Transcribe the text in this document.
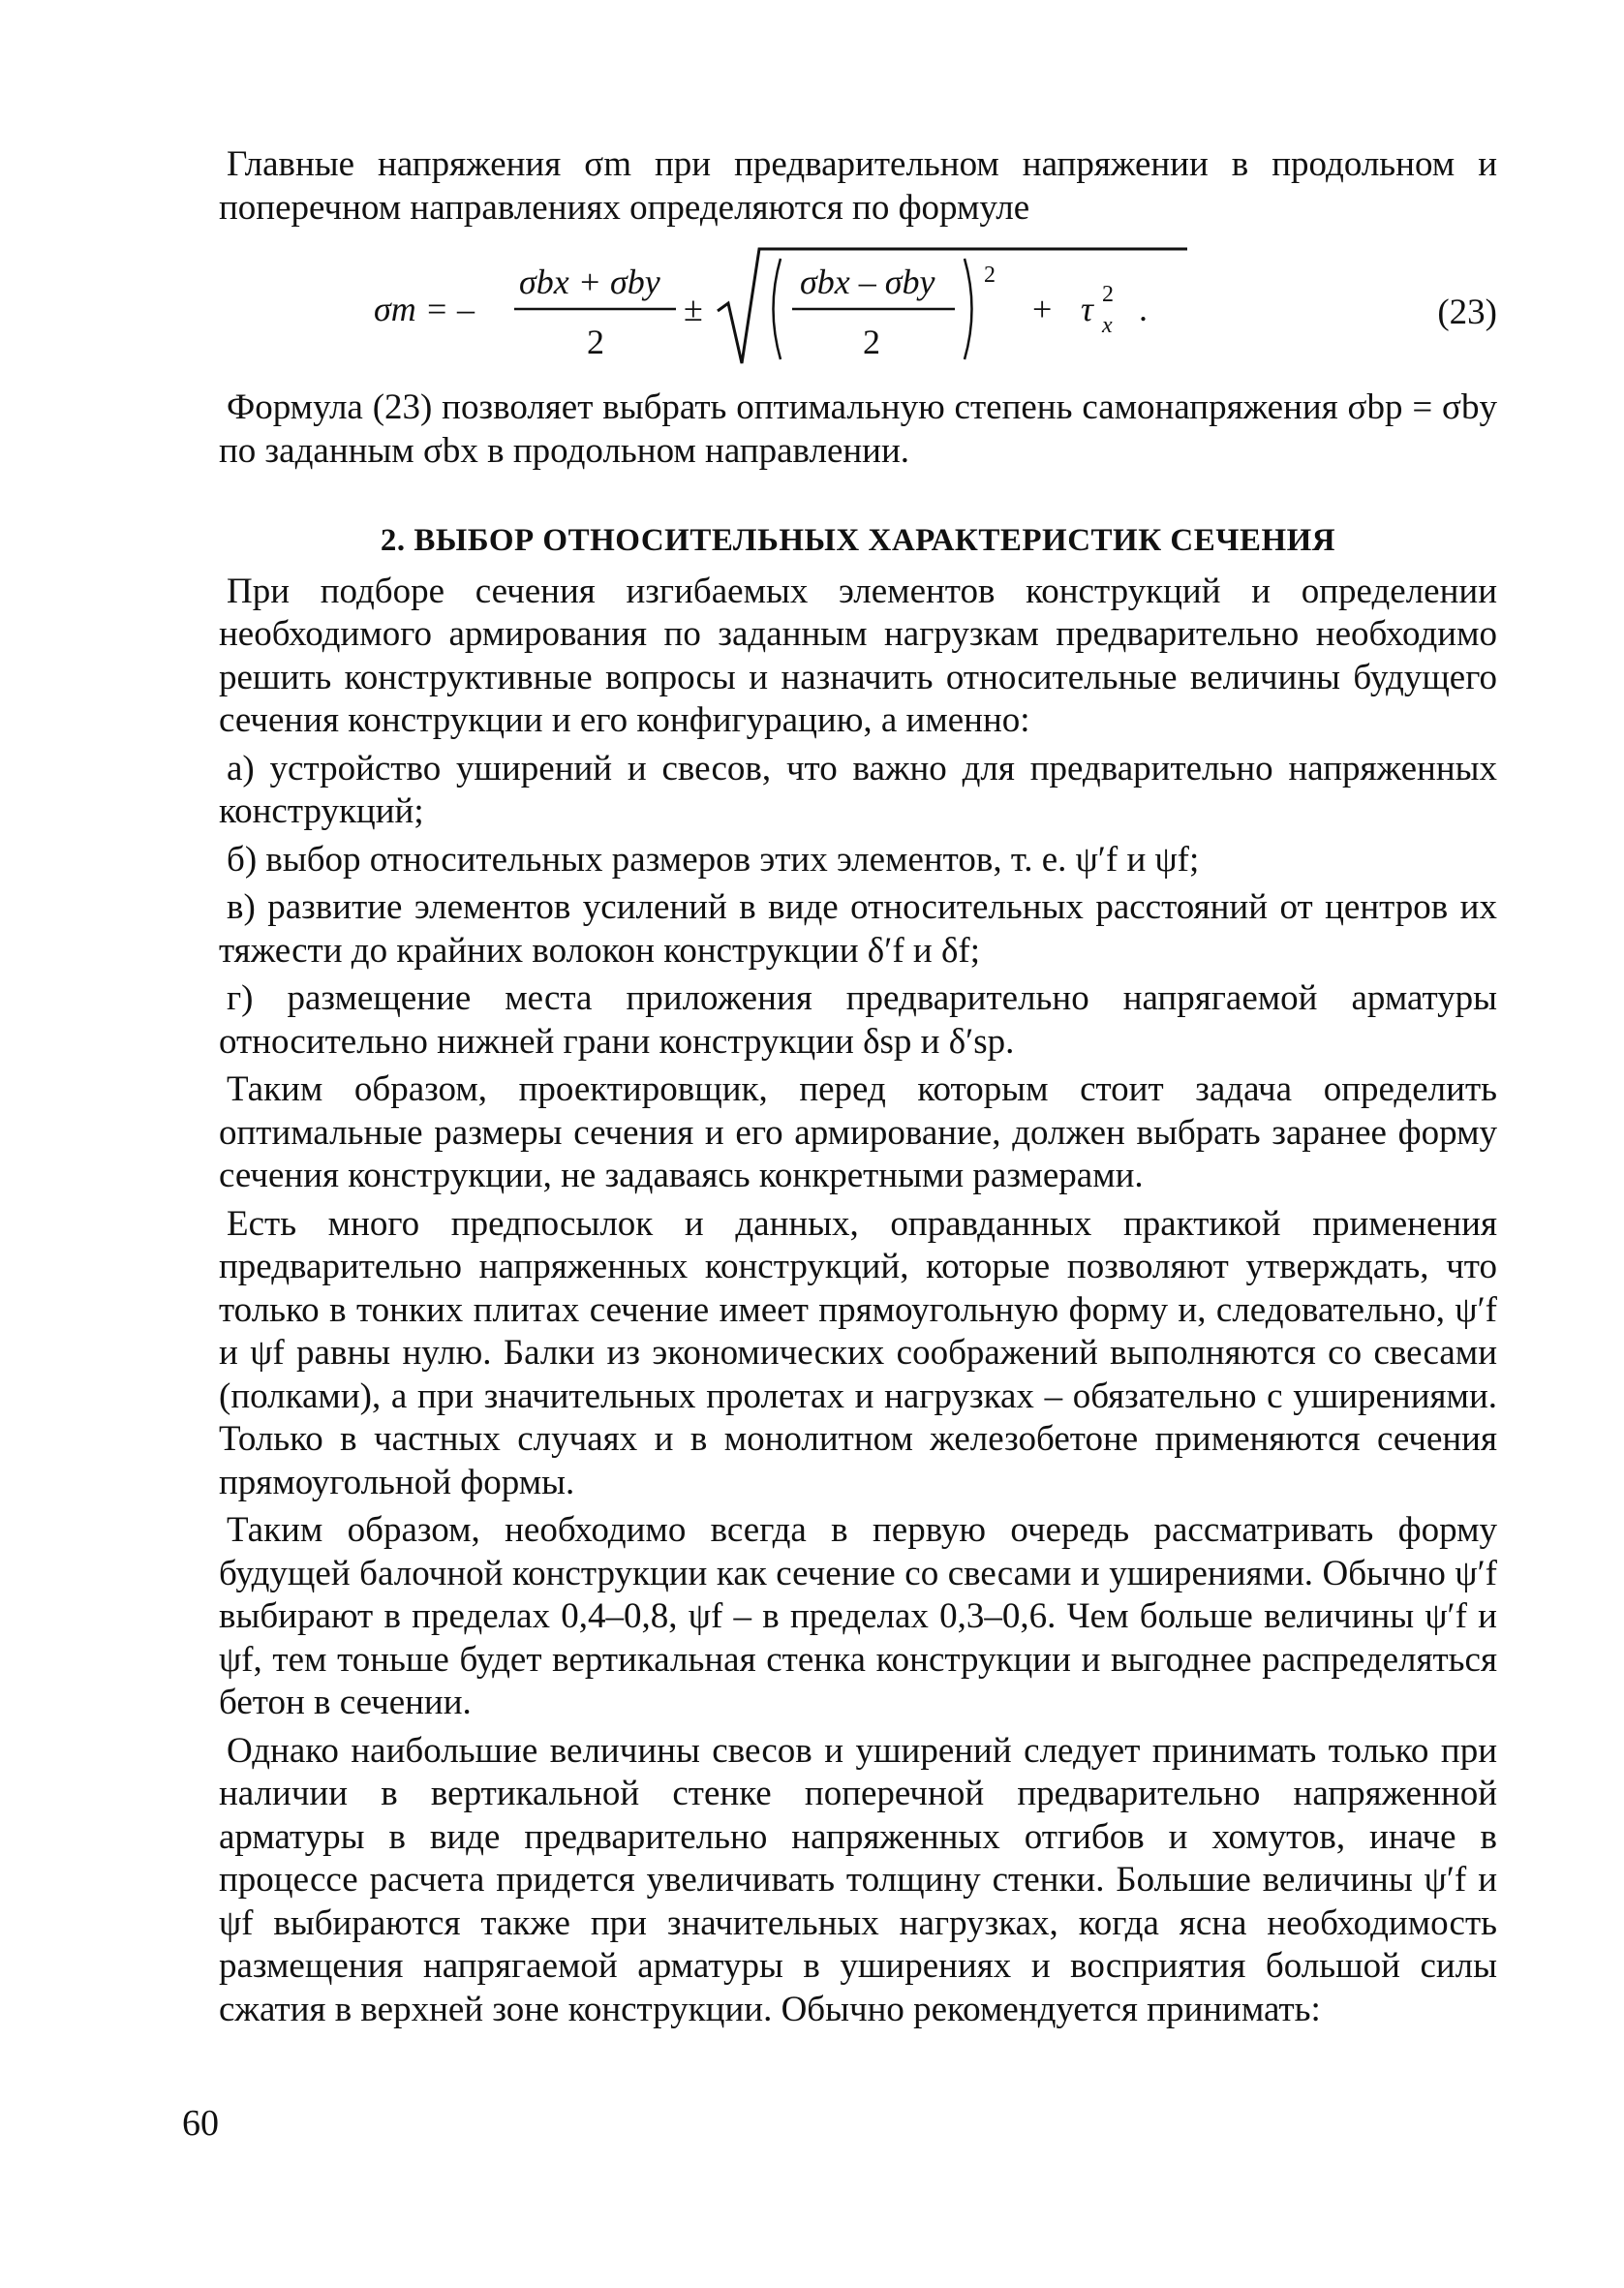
Главные напряжения σm при предварительном напряжении в продольном и поперечном направлениях определяются по формуле

σm = –
σbx + σby
2
±
σbx – σby
2
2
+ τ 2
x .	(23)

Формула (23) позволяет выбрать оптимальную степень самонапряжения σbp = σby по заданным σbx в продольном направлении.

2. ВЫБОР ОТНОСИТЕЛЬНЫХ ХАРАКТЕРИСТИК СЕЧЕНИЯ

При подборе сечения изгибаемых элементов конструкций и определении необходимого армирования по заданным нагрузкам предварительно необходимо решить конструктивные вопросы и назначить относительные величины будущего сечения конструкции и его конфигурацию, а именно:

а) устройство уширений и свесов, что важно для предварительно напряженных конструкций;

б) выбор относительных размеров этих элементов, т. е. ψ′f и ψf;

в) развитие элементов усилений в виде относительных расстояний от центров их тяжести до крайних волокон конструкции δ′f и δf;

г) размещение места приложения предварительно напрягаемой арматуры относительно нижней грани конструкции δsp и δ′sp.

Таким образом, проектировщик, перед которым стоит задача определить оптимальные размеры сечения и его армирование, должен выбрать заранее форму сечения конструкции, не задаваясь конкретными размерами.

Есть много предпосылок и данных, оправданных практикой применения предварительно напряженных конструкций, которые позволяют утверждать, что только в тонких плитах сечение имеет прямоугольную форму и, следовательно, ψ′f и ψf равны нулю. Балки из экономических соображений выполняются со свесами (полками), а при значительных пролетах и нагрузках – обязательно с уширениями. Только в частных случаях и в монолитном железобетоне применяются сечения прямоугольной формы.

Таким образом, необходимо всегда в первую очередь рассматривать форму будущей балочной конструкции как сечение со свесами и уширениями. Обычно ψ′f выбирают в пределах 0,4–0,8, ψf – в пределах 0,3–0,6. Чем больше величины ψ′f и ψf, тем тоньше будет вертикальная стенка конструкции и выгоднее распределяться бетон в сечении.

Однако наибольшие величины свесов и уширений следует принимать только при наличии в вертикальной стенке поперечной предварительно напряженной арматуры в виде предварительно напряженных отгибов и хомутов, иначе в процессе расчета придется увеличивать толщину стенки. Большие величины ψ′f и ψf выбираются также при значительных нагрузках, когда ясна необходимость размещения напрягаемой арматуры в уширениях и восприятия большой силы сжатия в верхней зоне конструкции. Обычно рекомендуется принимать:

60
